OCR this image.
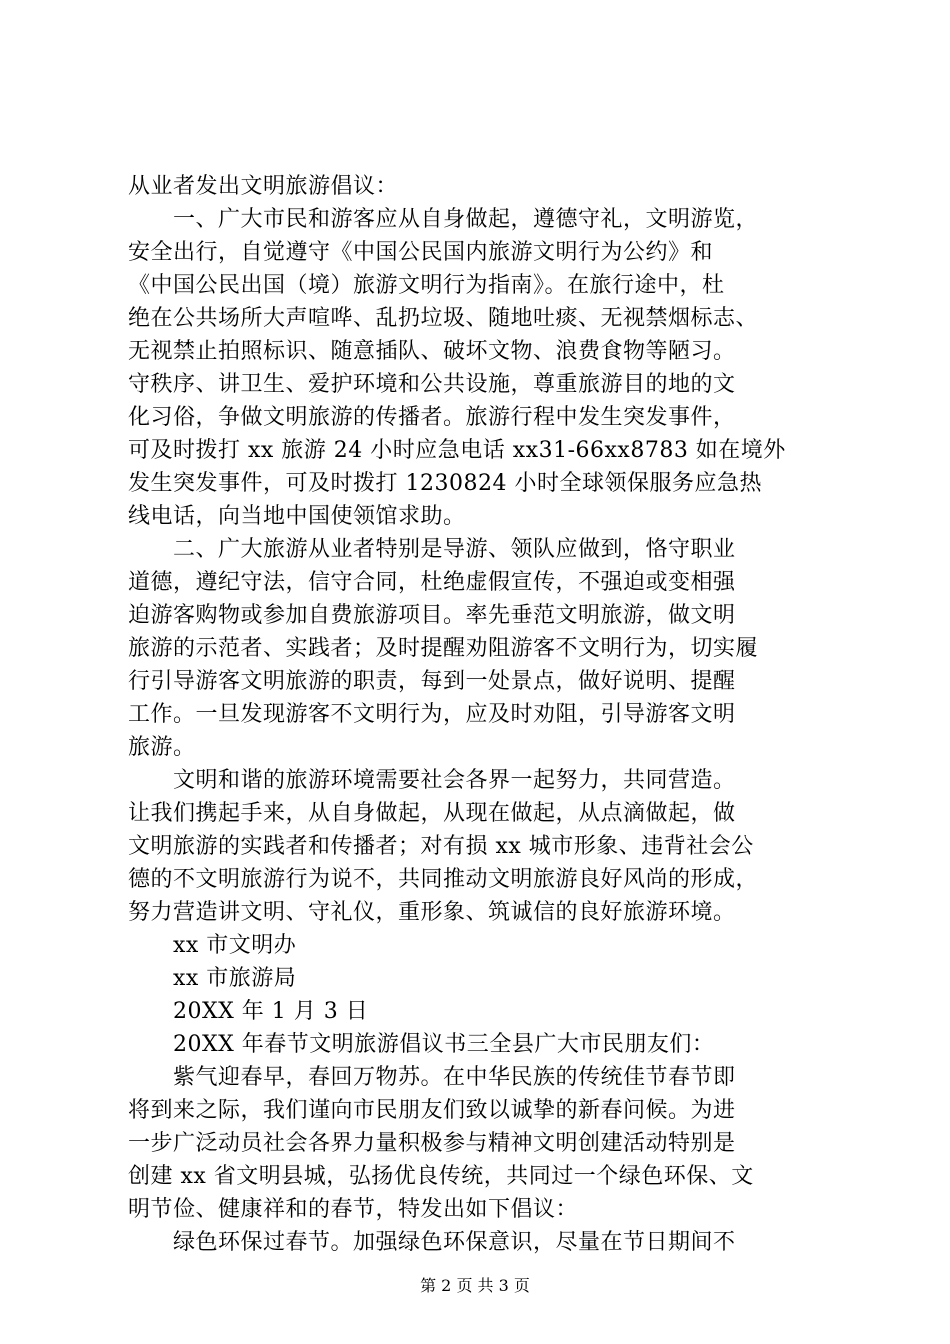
从业者发出文明旅游倡议：
　　一、广大市民和游客应从自身做起，遵德守礼，文明游览，
安全出行，自觉遵守《中国公民国内旅游文明行为公约》和
《中国公民出国（境）旅游文明行为指南》。在旅行途中，杜
绝在公共场所大声喧哗、乱扔垃圾、随地吐痰、无视禁烟标志、
无视禁止拍照标识、随意插队、破坏文物、浪费食物等陋习。
守秩序、讲卫生、爱护环境和公共设施，尊重旅游目的地的文
化习俗，争做文明旅游的传播者。旅游行程中发生突发事件，
可及时拨打 xx 旅游 24 小时应急电话 xx31-66xx8783 如在境外
发生突发事件，可及时拨打 1230824 小时全球领保服务应急热
线电话，向当地中国使领馆求助。
　　二、广大旅游从业者特别是导游、领队应做到，恪守职业
道德，遵纪守法，信守合同，杜绝虚假宣传，不强迫或变相强
迫游客购物或参加自费旅游项目。率先垂范文明旅游，做文明
旅游的示范者、实践者；及时提醒劝阻游客不文明行为，切实履
行引导游客文明旅游的职责，每到一处景点，做好说明、提醒
工作。一旦发现游客不文明行为，应及时劝阻，引导游客文明
旅游。
　　文明和谐的旅游环境需要社会各界一起努力，共同营造。
让我们携起手来，从自身做起，从现在做起，从点滴做起，做
文明旅游的实践者和传播者；对有损 xx 城市形象、违背社会公
德的不文明旅游行为说不，共同推动文明旅游良好风尚的形成，
努力营造讲文明、守礼仪，重形象、筑诚信的良好旅游环境。
　　xx 市文明办
　　xx 市旅游局
　　20XX 年 1 月 3 日
　　20XX 年春节文明旅游倡议书三全县广大市民朋友们：
　　紫气迎春早，春回万物苏。在中华民族的传统佳节春节即
将到来之际，我们谨向市民朋友们致以诚挚的新春问候。为进
一步广泛动员社会各界力量积极参与精神文明创建活动特别是
创建 xx 省文明县城，弘扬优良传统，共同过一个绿色环保、文
明节俭、健康祥和的春节，特发出如下倡议：
　　绿色环保过春节。加强绿色环保意识，尽量在节日期间不
第 2 页 共 3 页
